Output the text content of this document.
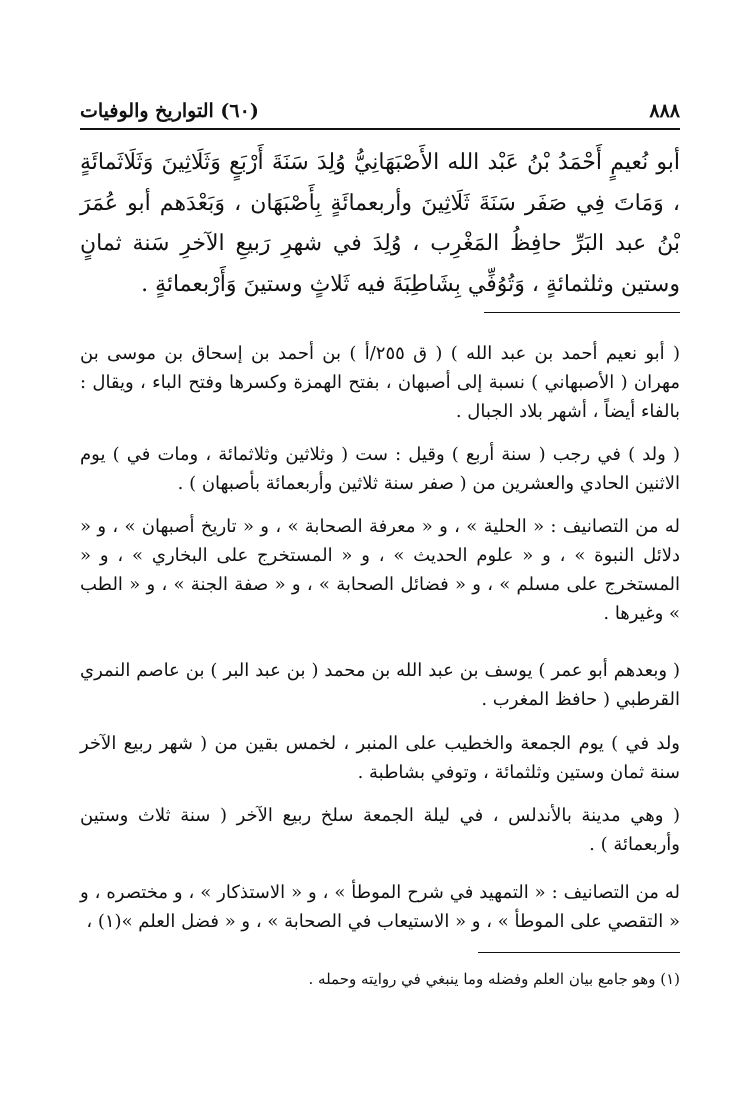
٨٨٨
(٦٠) التواريخ والوفيات
أبو نُعيمٍ أَحْمَدُ بْنُ عَبْد الله الأَصْبَهَانِيُّ وُلِدَ سَنَةَ أَرْبَعٍ وَثَلَاثِينَ وَثَلَاثَمائَةٍ ، وَمَاتَ فِي صَفَر سَنَةَ ثَلَاثِينَ وأربعمائَةٍ بِأَصْبَهَان ، وَبَعْدَهم أبو عُمَرَ بْنُ عبد البَرِّ حافِظُ المَغْرِب ، وُلِدَ في شهرِ رَبيعِ الآخرِ سَنة ثمانٍ وستين وثلثمائةٍ ، وَتُوُفِّي بِشَاطِبَةَ فيه ثَلاثٍ وستينَ وَأَرْبعمائةٍ .
( أبو نعيم أحمد بن عبد الله ) ( ق ٢٥٥/أ ) بن أحمد بن إسحاق بن موسى بن مهران ( الأصبهاني ) نسبة إلى أصبهان ، بفتح الهمزة وكسرها وفتح الباء ، ويقال : بالفاء أيضاً ، أشهر بلاد الجبال .
( ولد ) في رجب ( سنة أربع ) وقيل : ست ( وثلاثين وثلاثمائة ، ومات في ) يوم الاثنين الحادي والعشرين من ( صفر سنة ثلاثين وأربعمائة بأصبهان ) .
له من التصانيف : « الحلية » ، و « معرفة الصحابة » ، و « تاريخ أصبهان » ، و « دلائل النبوة » ، و « علوم الحديث » ، و « المستخرج على البخاري » ، و « المستخرج على مسلم » ، و « فضائل الصحابة » ، و « صفة الجنة » ، و « الطب » وغيرها .
( وبعدهم أبو عمر ) يوسف بن عبد الله بن محمد ( بن عبد البر ) بن عاصم النمري القرطبي ( حافظ المغرب .
ولد في ) يوم الجمعة والخطيب على المنبر ، لخمس بقين من ( شهر ربيع الآخر سنة ثمان وستين وثلثمائة ، وتوفي بشاطبة .
( وهي مدينة بالأندلس ، في ليلة الجمعة سلخ ربيع الآخر ( سنة ثلاث وستين وأربعمائة ) .
له من التصانيف : « التمهيد في شرح الموطأ » ، و « الاستذكار » ، و مختصره ، و « التقصي على الموطأ » ، و « الاستيعاب في الصحابة » ، و « فضل العلم »(١) ،
(١) وهو جامع بيان العلم وفضله وما ينبغي في روايته وحمله .
